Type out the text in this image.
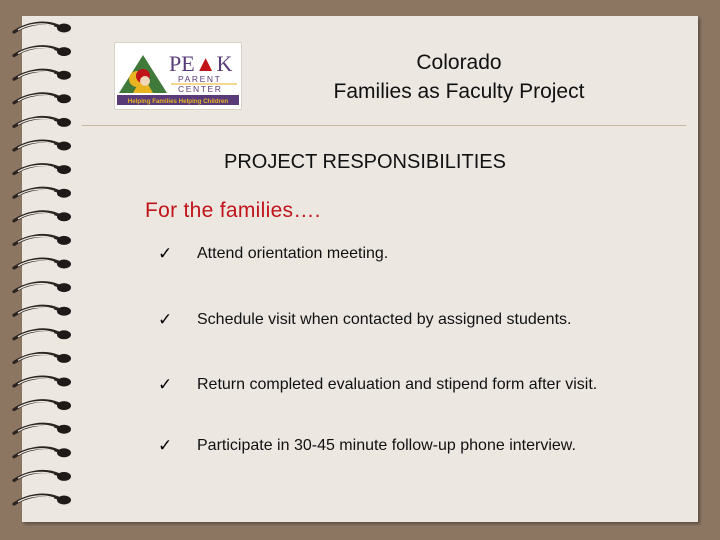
PE▲K
PARENT
CENTER
Helping Families Helping Children
Colorado
Families as Faculty Project
PROJECT RESPONSIBILITIES
For the families….
✓ Attend orientation meeting.
✓ Schedule visit when contacted by assigned students.
✓ Return completed evaluation and stipend form after visit.
✓ Participate in 30-45 minute follow-up phone interview.
